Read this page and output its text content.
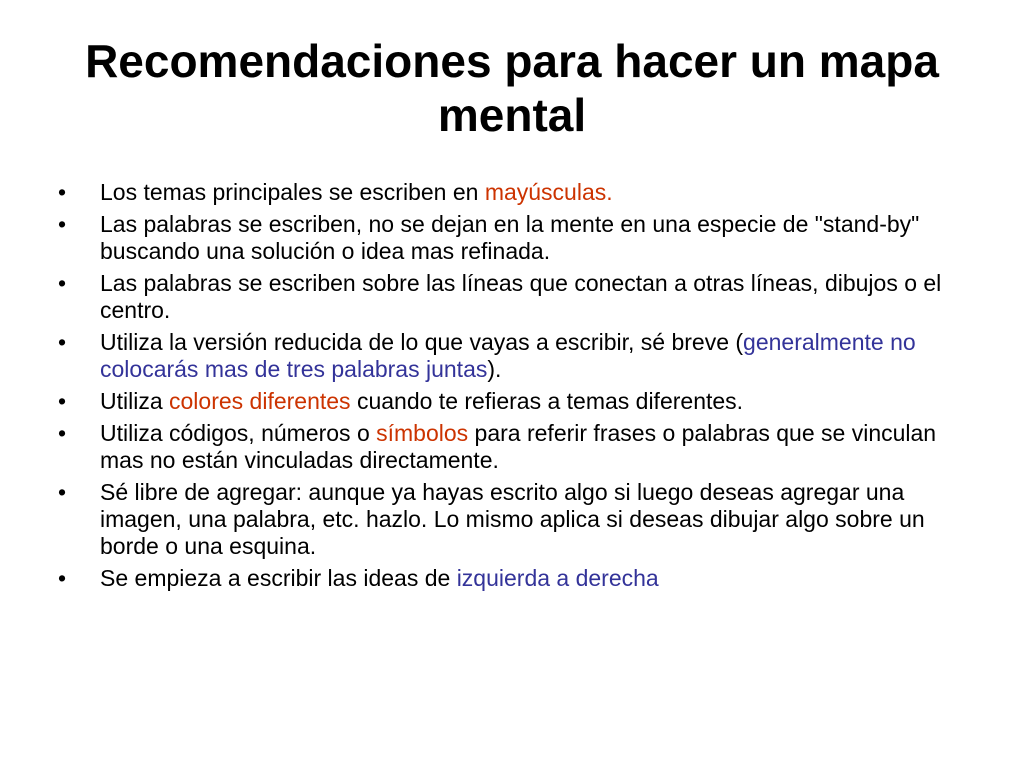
Recomendaciones para hacer un mapa mental
• Los temas principales se escriben en mayúsculas.
• Las palabras se escriben, no se dejan en la mente en una especie de "stand-by" buscando una solución o idea mas refinada.
• Las palabras se escriben sobre las líneas que conectan a otras líneas, dibujos o el centro.
• Utiliza la versión reducida de lo que vayas a escribir, sé breve (generalmente no colocarás mas de tres palabras juntas).
• Utiliza colores diferentes cuando te refieras a temas diferentes.
• Utiliza códigos, números o símbolos para referir frases o palabras que se vinculan mas no están vinculadas directamente.
• Sé libre de agregar: aunque ya hayas escrito algo si luego deseas agregar una imagen, una palabra, etc. hazlo. Lo mismo aplica si deseas dibujar algo sobre un borde o una esquina.
• Se empieza a escribir las ideas de izquierda a derecha
